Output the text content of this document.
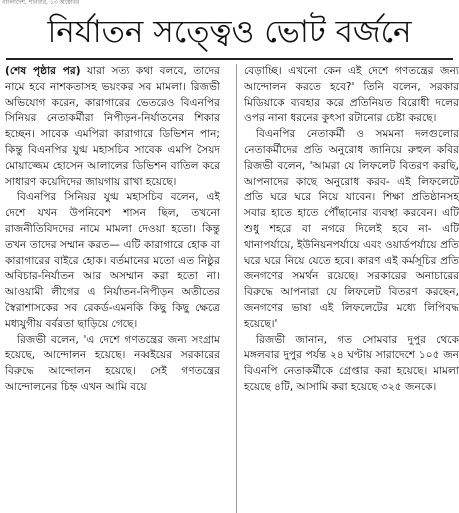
বাংলাদেশ, শনিবার, ১৩ অক্টোবর
নির্যাতন সত্ত্বেও ভোট বর্জনে

(শেষ পৃষ্ঠার পর) যারা সত্য কথা বলবে, তাদের নামে হবে নাশকতাসহ ভয়ংকর সব মামলা। রিজভী অভিযোগ করেন, কারাগারের ভেতরেও বিএনপির সিনিয়র নেতাকর্মীরা নিপীড়ন-নির্যাতনের শিকার হচ্ছেন। সাবেক এমপিরা কারাগারে ডিভিশন পান; কিন্তু বিএনপির যুগ্ম মহাসচিব সাবেক এমপি সৈয়দ মোয়াজ্জেম হোসেন আলালের ডিভিশন বাতিল করে সাধারণ কয়েদিদের জায়গায় রাখা হয়েছে।

বিএনপির সিনিয়র যুগ্ম মহাসচিব বলেন, এই দেশে যখন উপনিবেশ শাসন ছিল, তখনো রাজনীতিবিদদের নামে মামলা দেওয়া হতো। কিন্তু তখন তাদের সম্মান করত— এটি কারাগারে হোক বা কারাগারের বাইরে হোক। বর্তমানের মতো এত নিষ্ঠুর অবিচার-নির্যাতন আর অসম্মান করা হতো না। আওয়ামী লীগের এ নির্যাতন-নিপীড়ন অতীতের স্বৈরাশাসকের সব রেকর্ড-এমনকি কিছু কিছু ক্ষেত্রে মধ্যযুগীয় বর্বরতা ছাড়িয়ে গেছে।

রিজভী বলেন, 'এ দেশে গণতন্ত্রের জন্য সংগ্রাম হয়েছে, আন্দোলন হয়েছে। নব্বইয়ের সরকারের বিরুদ্ধে আন্দোলন হয়েছে। সেই গণতন্ত্রের আন্দোলনের চিহ্ন এখন আমি বয়ে

বেড়াচ্ছি। এখনো কেন এই দেশে গণতন্ত্রের জন্য আন্দোলন করতে হবে?' তিনি বলেন, সরকার মিডিয়াকে ব্যবহার করে প্রতিনিয়ত বিরোধী দলের ওপর নানা ধরনের কুৎসা রটানোর চেষ্টা করছে।

বিএনপির নেতাকর্মী ও সমমনা দলগুলোর নেতাকর্মীদের প্রতি অনুরোধ জানিয়ে রুহুল কবির রিজভী বলেন, 'আমরা যে লিফলেট বিতরণ করছি, আপনাদের কাছে অনুরোধ করব- এই লিফলেটে প্রতি ঘরে ঘরে নিয়ে যাবেন। শিক্ষা প্রতিষ্ঠানসহ সবার হাতে হাতে পৌঁছানোর ব্যবস্থা করবেন। এটি শুধু শহরে বা নগরে দিলেই হবে না- এটি থানাপর্যায়ে, ইউনিয়নপর্যায়ে এবং ওয়ার্ডপর্যায়ে প্রতি ঘরে ঘরে নিয়ে যেতে হবে। কারণ এই কর্মসূচির প্রতি জনগণের সমর্থন রয়েছে। সরকারের অনাচারের বিরুদ্ধে আপনারা যে লিফলেট বিতরণ করছেন, জনগণের ভাষা এই লিফলেটের মধ্যে লিপিবদ্ধ হয়েছে।'

রিজভী জানান, গত সোমবার দুপুর থেকে মঙ্গলবার দুপুর পর্যন্ত ২৪ ঘণ্টায় সারাদেশে ১০৫ জন বিএনপি নেতাকর্মীকে গ্রেপ্তার করা হয়েছে। মামলা হয়েছে ৪টি, আসামি করা হয়েছে ৩২৫ জনকে।
